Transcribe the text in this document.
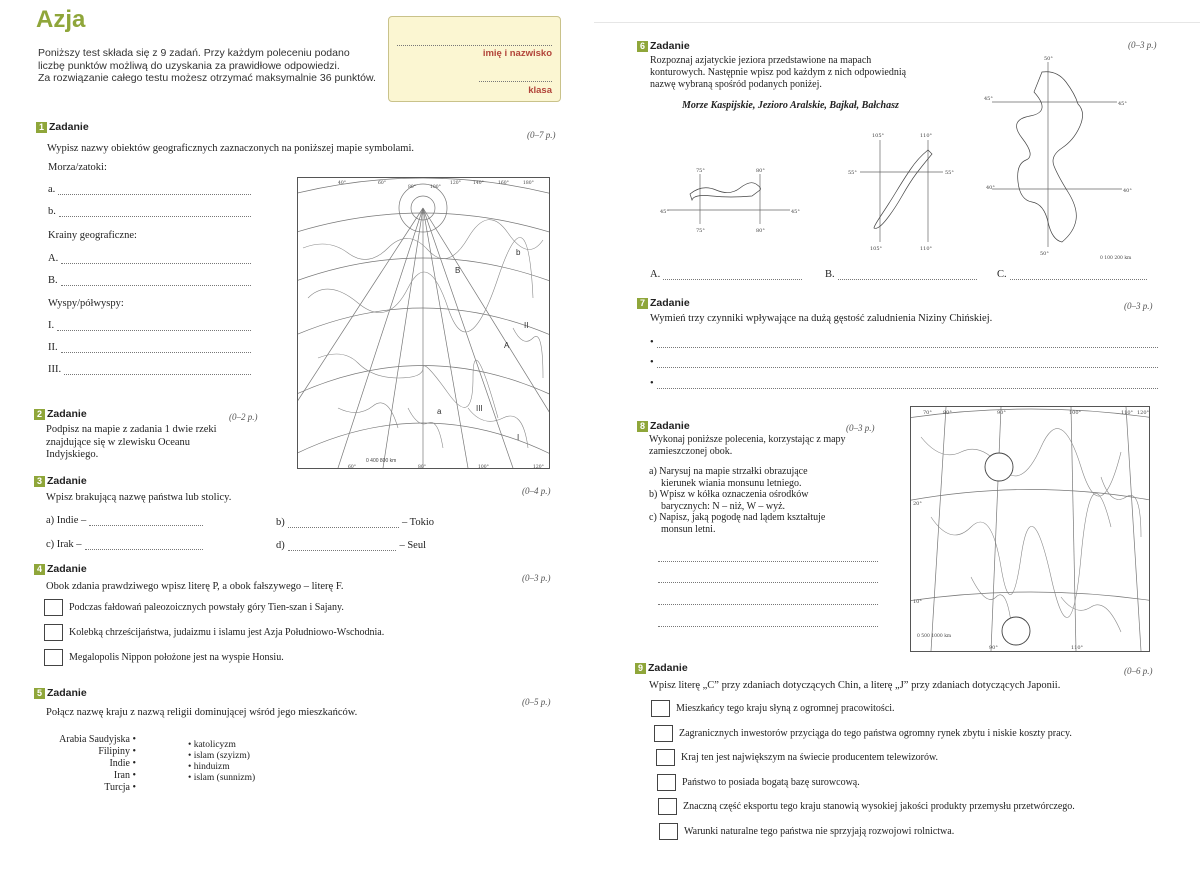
Azja
Poniższy test składa się z 9 zadań. Przy każdym poleceniu podano
liczbę punktów możliwą do uzyskania za prawidłowe odpowiedzi.
Za rozwiązanie całego testu możesz otrzymać maksymalnie 36 punktów.
imię i nazwisko
klasa
1 Zadanie
(0–7 p.)
Wypisz nazwy obiektów geograficznych zaznaczonych na poniższej mapie symbolami.
Morza/zatoki:
a.
b.
Krainy geograficzne:
A.
B.
Wyspy/półwyspy:
I.
II.
III.
b
B
II
A
a	III
I
0 400 800 km
40°	60°
80°	100°
120°	140°	160°	180°
60°	80°	100°	120°
2 Zadanie	(0–2 p.)
Podpisz na mapie z zadania 1 dwie rzeki
znajdujące się w zlewisku Oceanu
Indyjskiego.
3 Zadanie
(0–4 p.)
Wpisz brakującą nazwę państwa lub stolicy.
a) Indie –	b)	– Tokio
c) Irak –	d)	– Seul
4 Zadanie
(0–3 p.)
Obok zdania prawdziwego wpisz literę P, a obok fałszywego – literę F.
Podczas fałdowań paleozoicznych powstały góry Tien-szan i Sajany.
Kolebką chrześcijaństwa, judaizmu i islamu jest Azja Południowo-Wschodnia.
Megalopolis Nippon położone jest na wyspie Honsiu.
5 Zadanie
(0–5 p.)
Połącz nazwę kraju z nazwą religii dominującej wśród jego mieszkańców.
Arabia Saudyjska •
Filipiny •
Indie •
Iran •
Turcja •
• katolicyzm
• islam (szyizm)
• hinduizm
• islam (sunnizm)
6 Zadanie	(0–3 p.)
Rozpoznaj azjatyckie jeziora przedstawione na mapach
konturowych. Następnie wpisz pod każdym z nich odpowiednią
nazwę wybraną spośród podanych poniżej.
Morze Kaspijskie, Jezioro Aralskie, Bajkał, Bałchasz
75°	80°
45°	45°
75°	80°
105°	110°
55°	55°
105°	110°
50°
45°
45°
40°	40°
50°
0 100 200 km
A.	B.	C.
7 Zadanie	(0–3 p.)
Wymień trzy czynniki wpływające na dużą gęstość zaludnienia Niziny Chińskiej.
•
•
•
8 Zadanie	(0–3 p.)
Wykonaj poniższe polecenia, korzystając z mapy
zamieszczonej obok.
a) Narysuj na mapie strzałki obrazujące
kierunek wiania monsunu letniego.
b) Wpisz w kółka oznaczenia ośrodków
barycznych: N – niż, W – wyż.
c) Napisz, jaką pogodę nad lądem kształtuje
monsun letni.
70° 80°	90°	100°	110° 120°
20°
10°
90°	110°
0 500 1000 km
9 Zadanie	(0–6 p.)
Wpisz literę „C” przy zdaniach dotyczących Chin, a literę „J” przy zdaniach dotyczących Japonii.
Mieszkańcy tego kraju słyną z ogromnej pracowitości.
Zagranicznych inwestorów przyciąga do tego państwa ogromny rynek zbytu i niskie koszty pracy.
Kraj ten jest największym na świecie producentem telewizorów.
Państwo to posiada bogatą bazę surowcową.
Znaczną część eksportu tego kraju stanowią wysokiej jakości produkty przemysłu przetwórczego.
Warunki naturalne tego państwa nie sprzyjają rozwojowi rolnictwa.
